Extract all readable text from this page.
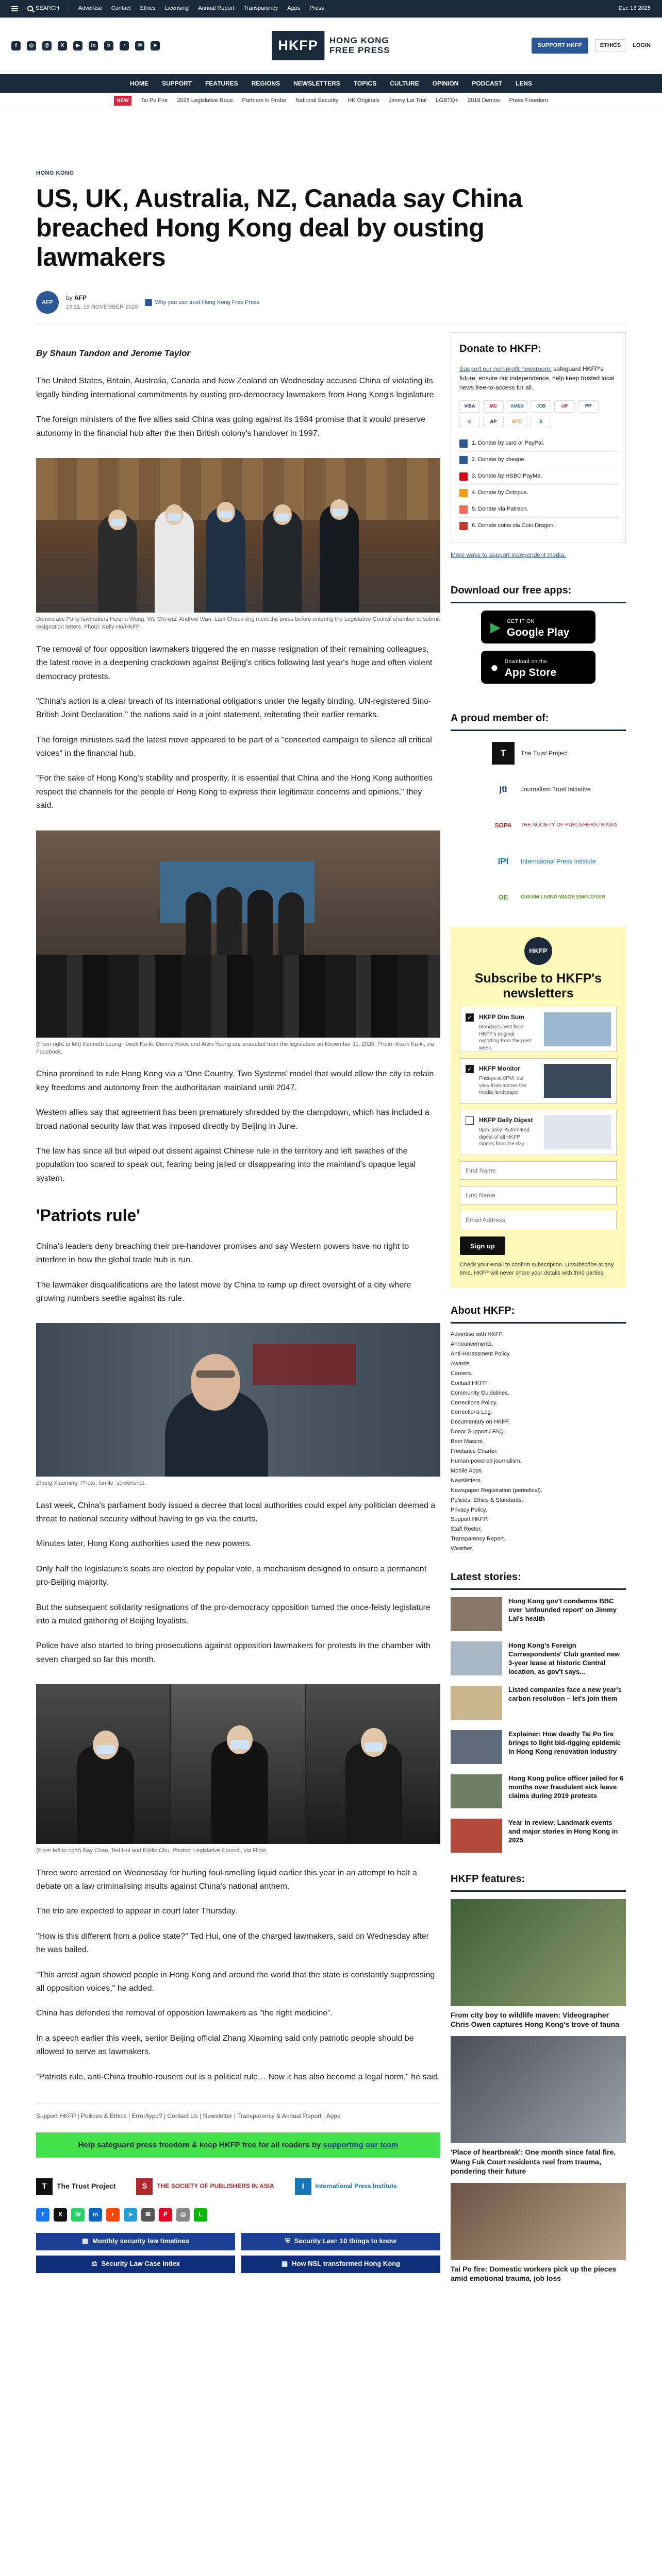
SEARCH	Advertise Contact Ethics Licensing Annual Report Transparency Apps Press	Dec 13 2025
f	◎	@	X	▶	in	b	◔	✉	➤	HKFP	HONG KONG
FREE PRESS	SUPPORT HKFP	ETHICS	LOGIN
HOME SUPPORT FEATURES REGIONS NEWSLETTERS TOPICS CULTURE OPINION PODCAST LENS
NEW	Tai Po Fire 2025 Legislative Race Partners in Probe National Security HK Originals Jimmy Lai Trial LGBTQ+ 2019 Demos Press Freedom
HONG KONG
US, UK, Australia, NZ, Canada say China breached Hong Kong deal by ousting lawmakers
AFP
by AFP
19:21, 19 NOVEMBER 2020
Why you can trust Hong Kong Free Press
By Shaun Tandon and Jerome Taylor

The United States, Britain, Australia, Canada and New Zealand on Wednesday accused China of violating its legally binding international commitments by ousting pro-democracy lawmakers from Hong Kong's legislature.

The foreign ministers of the five allies said China was going against its 1984 promise that it would preserve autonomy in the financial hub after the then British colony's handover in 1997.

Democratic Party lawmakers Helena Wong, Wu Chi-wai, Andrew Wan, Lam Cheuk-ting meet the press before entering the Legislative Council chamber to submit resignation letters. Photo: Kelly Ho/HKFP.

The removal of four opposition lawmakers triggered the en masse resignation of their remaining colleagues, the latest move in a deepening crackdown against Beijing's critics following last year's huge and often violent democracy protests.

"China's action is a clear breach of its international obligations under the legally binding, UN-registered Sino-British Joint Declaration," the nations said in a joint statement, reiterating their earlier remarks.

The foreign ministers said the latest move appeared to be part of a "concerted campaign to silence all critical voices" in the financial hub.

"For the sake of Hong Kong's stability and prosperity, it is essential that China and the Hong Kong authorities respect the channels for the people of Hong Kong to express their legitimate concerns and opinions," they said.

(From right to left) Kenneth Leung, Kwok Ka-ki, Dennis Kwok and Alvin Yeung are unseated from the legislature on November 11, 2020. Photo: Kwok Ka-ki, via Facebook.

China promised to rule Hong Kong via a 'One Country, Two Systems' model that would allow the city to retain key freedoms and autonomy from the authoritarian mainland until 2047.

Western allies say that agreement has been prematurely shredded by the clampdown, which has included a broad national security law that was imposed directly by Beijing in June.

The law has since all but wiped out dissent against Chinese rule in the territory and left swathes of the population too scared to speak out, fearing being jailed or disappearing into the mainland's opaque legal system.

'Patriots rule'

China's leaders deny breaching their pre-handover promises and say Western powers have no right to interfere in how the global trade hub is run.

The lawmaker disqualifications are the latest move by China to ramp up direct oversight of a city where growing numbers seethe against its rule.

Zhang Xiaoming. Photo: Ismile, screenshot.

Last week, China's parliament body issued a decree that local authorities could expel any politician deemed a threat to national security without having to go via the courts.

Minutes later, Hong Kong authorities used the new powers.

Only half the legislature's seats are elected by popular vote, a mechanism designed to ensure a permanent pro-Beijing majority.

But the subsequent solidarity resignations of the pro-democracy opposition turned the once-feisty legislature into a muted gathering of Beijing loyalists.

Police have also started to bring prosecutions against opposition lawmakers for protests in the chamber with seven charged so far this month.

(From left to right) Ray Chan, Ted Hui and Eddie Chu. Photos: Legislative Council, via Flickr.

Three were arrested on Wednesday for hurling foul-smelling liquid earlier this year in an attempt to halt a debate on a law criminalising insults against China's national anthem.

The trio are expected to appear in court later Thursday.

"How is this different from a police state?" Ted Hui, one of the charged lawmakers, said on Wednesday after he was bailed.

"This arrest again showed people in Hong Kong and around the world that the state is constantly suppressing all opposition voices," he added.

China has defended the removal of opposition lawmakers as "the right medicine".

In a speech earlier this week, senior Beijing official Zhang Xiaoming said only patriotic people should be allowed to serve as lawmakers.

"Patriots rule, anti-China trouble-rousers out is a political rule… Now it has also become a legal norm," he said.

Support HKFP | Policies & Ethics | Error/typo? | Contact Us | Newsletter | Transparency & Annual Report | Apps
Help safeguard press freedom & keep HKFP free for all readers by supporting our team
T	The Trust Project	S	THE SOCIETY OF PUBLISHERS IN ASIA	I	International Press Institute
f	X	W	in	r	➤	✉	P	⎙	L
▦ Monthly security law timelines	⛨ Security Law: 10 things to know
⚖ Security Law Case Index	▤ How NSL transformed Hong Kong
Donate to HKFP:
Support our non-profit newsroom: safeguard HKFP's future, ensure our independence, help keep trusted local news free-to-access for all.
VISA	MC	AMEX	JCB	UP	PP
G	AP	BTC	$
1. Donate by card or PayPal.
2. Donate by cheque.
3. Donate by HSBC PayMe.
4. Donate by Octopus.
5. Donate via Patreon.
6. Donate coins via Coin Dragon.
More ways to support independent media.
Download our free apps:
▶ GET IT ON
Google Play
● Download on the
App Store
A proud member of:
T	The Trust Project
jti	Journalism Trust Initiative
SOPA	THE SOCIETY OF PUBLISHERS IN ASIA
IPI	International Press Institute
OE	OXFAM LIVING WAGE EMPLOYER
HKFP
Subscribe to HKFP's newsletters
✓ HKFP Dim Sum
Monday's best from HKFP's original reporting from the past week.
✓ HKFP Monitor
Fridays at 8PM: our view from across the media landscape
HKFP Daily Digest
9pm Daily: Automated digest of all HKFP stories from the day.
First Name Last Name Email Address Sign up
Check your email to confirm subscription. Unsubscribe at any time. HKFP will never share your details with third parties.
About HKFP:
Advertise with HKFP.
Announcements.
Anti-Harassment Policy.
Awards.
Careers.
Contact HKFP.
Community Guidelines.
Corrections Policy.
Corrections Log.
Documentary on HKFP.
Donor Support / FAQ.
Beer Mascot.
Freelance Charter.
Human-powered journalism.
Mobile Apps.
Newsletters.
Newspaper Registration (periodical).
Policies, Ethics & Standards.
Privacy Policy.
Support HKFP.
Staff Roster.
Transparency Report.
Weather.
Latest stories:
Hong Kong gov't condemns BBC over 'unfounded report' on Jimmy Lai's health
Hong Kong's Foreign Correspondents' Club granted new 3-year lease at historic Central location, as gov't says...
Listed companies face a new year's carbon resolution – let's join them
Explainer: How deadly Tai Po fire brings to light bid-rigging epidemic in Hong Kong renovation industry
Hong Kong police officer jailed for 6 months over fraudulent sick leave claims during 2019 protests
Year in review: Landmark events and major stories in Hong Kong in 2025
HKFP features:
From city boy to wildlife maven: Videographer Chris Owen captures Hong Kong's trove of fauna
'Place of heartbreak': One month since fatal fire, Wang Fuk Court residents reel from trauma, pondering their future
Tai Po fire: Domestic workers pick up the pieces amid emotional trauma, job loss
